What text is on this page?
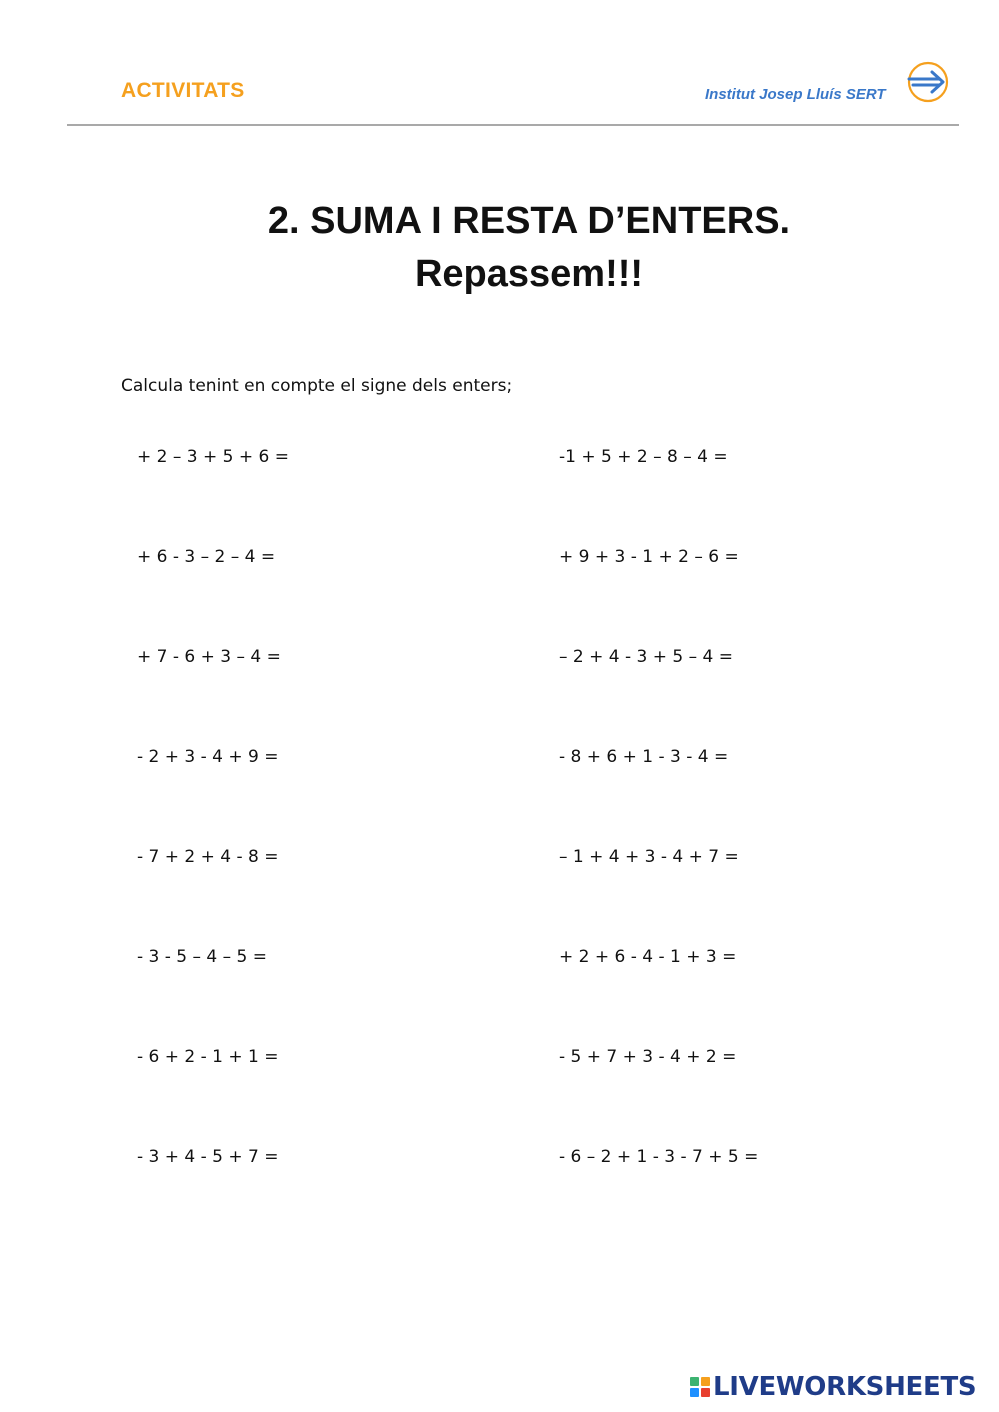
ACTIVITATS	Institut Josep Lluís SERT
2. SUMA I RESTA D’ENTERS.
Repassem!!!
Calcula tenint en compte el signe dels enters;
+ 2 – 3 + 5 + 6 =
+ 6 - 3 – 2 – 4 =
+ 7 - 6 + 3 – 4 =
- 2 + 3 - 4 + 9 =
- 7 + 2 + 4 - 8 =
- 3 - 5 – 4 – 5 =
- 6 + 2 - 1 + 1 =
- 3 + 4 - 5 + 7 =
-1 + 5 + 2 – 8 – 4 =
+ 9 + 3 - 1 + 2 – 6 =
– 2 + 4 - 3 + 5 – 4 =
- 8 + 6 + 1 - 3 - 4 =
– 1 + 4 + 3 - 4 + 7 =
+ 2 + 6 - 4 - 1 + 3 =
- 5 + 7 + 3 - 4 + 2 =
- 6 – 2 + 1 - 3 - 7 + 5 =
LIVEWORKSHEETS
